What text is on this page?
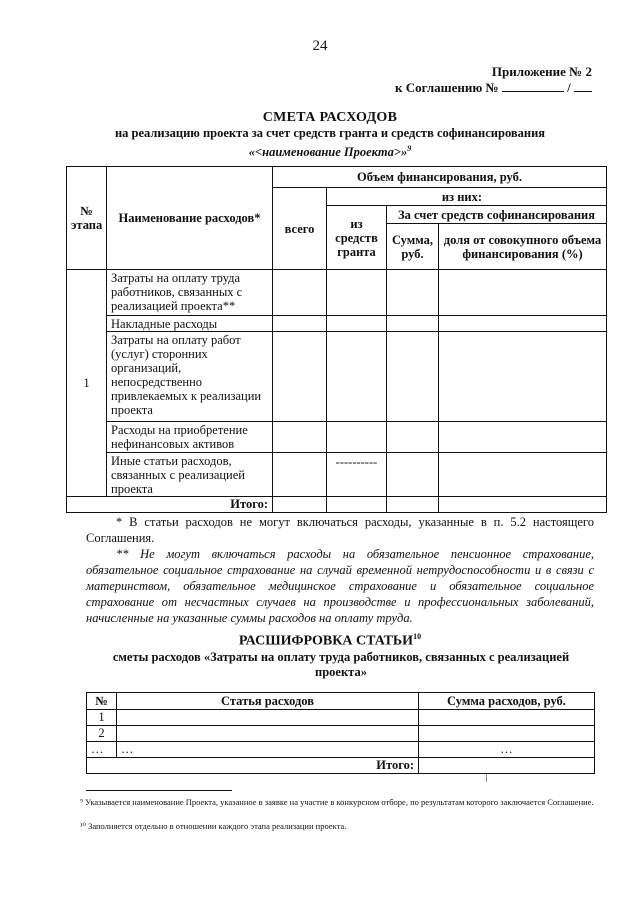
24
Приложение № 2
к Соглашению №	/
СМЕТА РАСХОДОВ
на реализацию проекта за счет средств гранта и средств софинансирования
«<наименование Проекта>»$^9$
№ этапа	Наименование расходов*	Объем финансирования, руб.			
		всего	из них:		
			из средств гранта	За счет средств софинансирования	
				Сумма, руб.	доля от совокупного объема финансирования (%)
1	Затраты на оплату труда работников, связанных с реализацией проекта**				
	Накладные расходы				
	Затраты на оплату работ (услуг) сторонних организаций, непосредственно привлекаемых к реализации проекта				
	Расходы на приобретение нефинансовых активов				
	Иные статьи расходов, связанных с реализацией проекта		----------		
Итого:					
* В статьи расходов не могут включаться расходы, указанные в п. 5.2 настоящего Соглашения.
** Не могут включаться расходы на обязательное пенсионное страхование, обязательное социальное страхование на случай временной нетрудоспособности и в связи с материнством, обязательное медицинское страхование и обязательное социальное страхование от несчастных случаев на производстве и профессиональных заболеваний, начисленные на указанные суммы расходов на оплату труда.
РАСШИФРОВКА СТАТЬИ$^{10}$
сметы расходов «Затраты на оплату труда работников, связанных с реализацией проекта»
№	Статья расходов	Сумма расходов, руб.
1		
2		
…	…	…
Итого:		
⁹ Указывается наименование Проекта, указанное в заявке на участие в конкурсном отборе, по результатам которого заключается Соглашение.
¹⁰ Заполняется отдельно в отношении каждого этапа реализации проекта.
